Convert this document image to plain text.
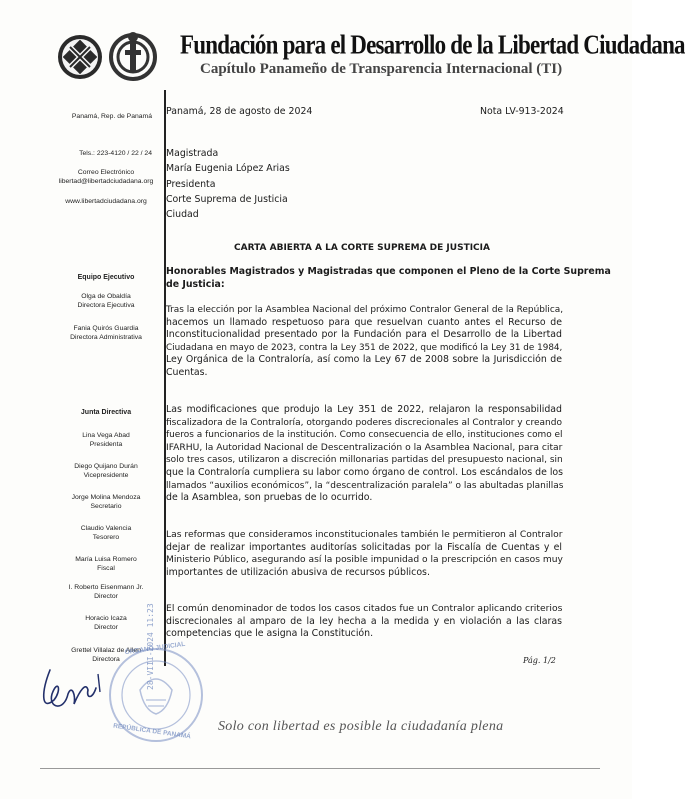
Fundación para el Desarrollo de la Libertad Ciudadana
Capítulo Panameño de Transparencia Internacional (TI)
Panamá, Rep. de Panamá
Tels.: 223-4120 / 22 / 24
Correo Electrónico
libertad@libertadciudadana.org
www.libertadciudadana.org
Equipo Ejecutivo
Olga de Obaldía
Directora Ejecutiva
Fania Quirós Guardia
Directora Administrativa
Junta Directiva
Lina Vega Abad
Presidenta
Diego Quijano Durán
Vicepresidente
Jorge Molina Mendoza
Secretario
Claudio Valencia
Tesorero
María Luisa Romero
Fiscal
I. Roberto Eisenmann Jr.
Director
Horacio Icaza
Director
Grettel Villalaz de Allen
Directora
Panamá, 28 de agosto de 2024	Nota LV-913-2024
Magistrada
María Eugenia López Arias
Presidenta
Corte Suprema de Justicia
Ciudad
CARTA ABIERTA A LA CORTE SUPREMA DE JUSTICIA
Honorables Magistrados y Magistradas que componen el Pleno de la Corte Suprema
de Justicia:
Tras la elección por la Asamblea Nacional del próximo Contralor General de la República,
hacemos un llamado respetuoso para que resuelvan cuanto antes el Recurso de
Inconstitucionalidad presentado por la Fundación para el Desarrollo de la Libertad
Ciudadana en mayo de 2023, contra la Ley 351 de 2022, que modificó la Ley 31 de 1984,
Ley Orgánica de la Contraloría, así como la Ley 67 de 2008 sobre la Jurisdicción de
Cuentas.
Las modificaciones que produjo la Ley 351 de 2022, relajaron la responsabilidad
fiscalizadora de la Contraloría, otorgando poderes discrecionales al Contralor y creando
fueros a funcionarios de la institución. Como consecuencia de ello, instituciones como el
IFARHU, la Autoridad Nacional de Descentralización o la Asamblea Nacional, para citar
solo tres casos, utilizaron a discreción millonarias partidas del presupuesto nacional, sin
que la Contraloría cumpliera su labor como órgano de control. Los escándalos de los
llamados “auxilios económicos”, la “descentralización paralela” o las abultadas planillas
de la Asamblea, son pruebas de lo ocurrido.
Las reformas que consideramos inconstitucionales también le permitieron al Contralor
dejar de realizar importantes auditorías solicitadas por la Fiscalía de Cuentas y el
Ministerio Público, asegurando así la posible impunidad o la prescripción en casos muy
importantes de utilización abusiva de recursos públicos.
El común denominador de todos los casos citados fue un Contralor aplicando criterios
discrecionales al amparo de la ley hecha a la medida y en violación a las claras
competencias que le asigna la Constitución.
Pág. 1/2
ÓRGANO JUDICIAL
REPÚBLICA DE PANAMÁ
28-VIII-2024 11:23
Solo con libertad es posible la ciudadanía plena
